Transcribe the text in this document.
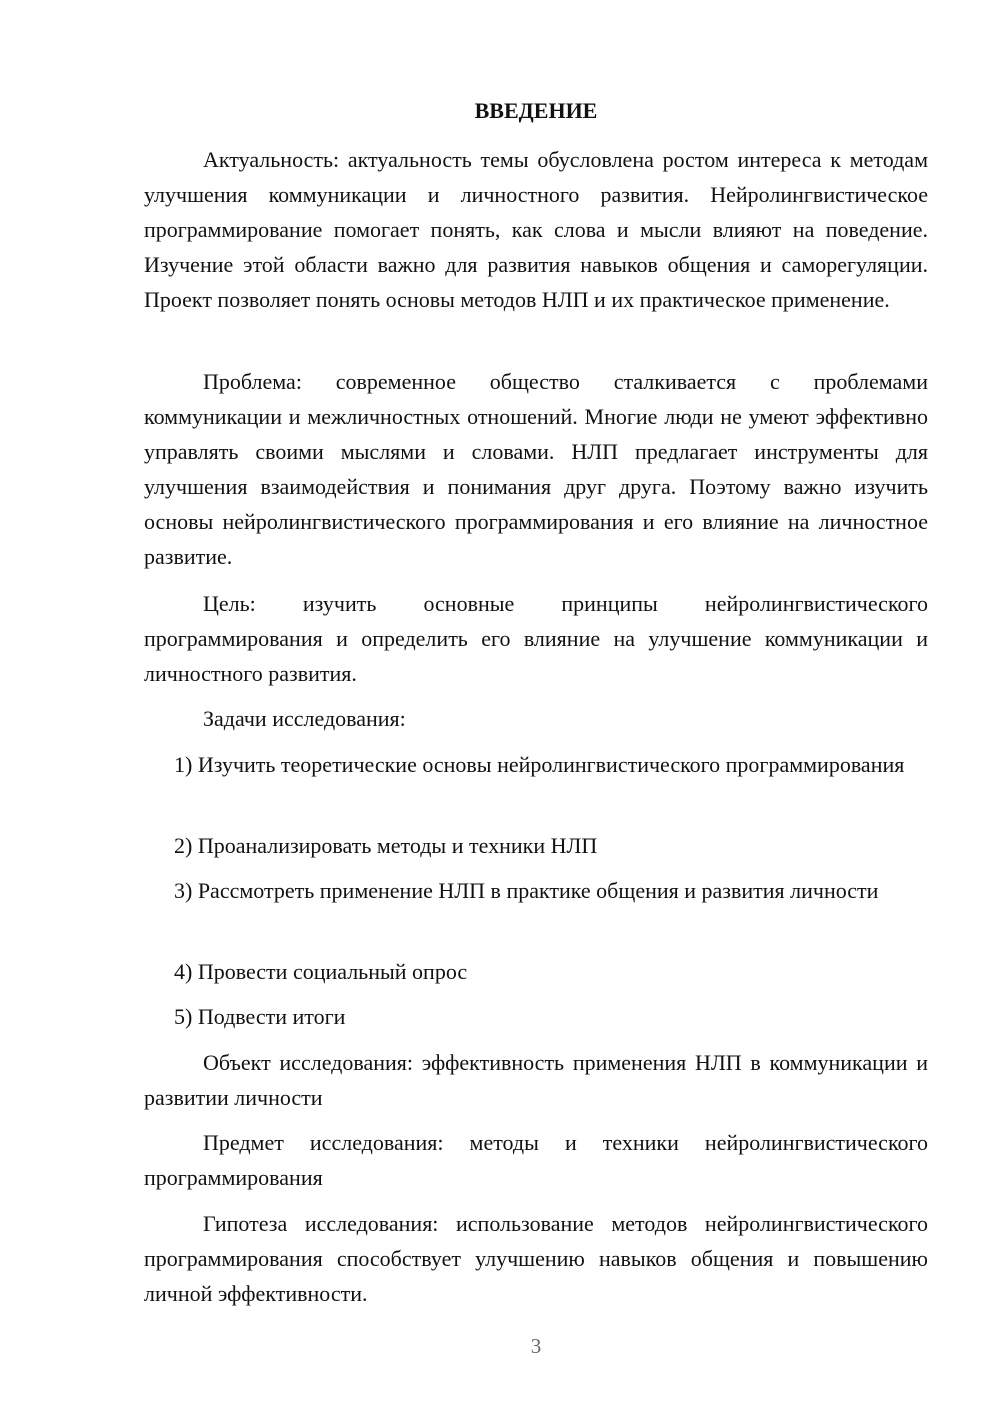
ВВЕДЕНИЕ

Актуальность: актуальность темы обусловлена ростом интереса к методам улучшения коммуникации и личностного развития. Нейролингвистическое программирование помогает понять, как слова и мысли влияют на поведение. Изучение этой области важно для развития навыков общения и саморегуляции. Проект позволяет понять основы методов НЛП и их практическое применение.

Проблема: современное общество сталкивается с проблемами коммуникации и межличностных отношений. Многие люди не умеют эффективно управлять своими мыслями и словами. НЛП предлагает инструменты для улучшения взаимодействия и понимания друг друга. Поэтому важно изучить основы нейролингвистического программирования и его влияние на личностное развитие.

Цель: изучить основные принципы нейролингвистического программирования и определить его влияние на улучшение коммуникации и личностного развития.

Задачи исследования:

1) Изучить теоретические основы нейролингвистического программирования

2) Проанализировать методы и техники НЛП

3) Рассмотреть применение НЛП в практике общения и развития личности

4) Провести социальный опрос

5) Подвести итоги

Объект исследования: эффективность применения НЛП в коммуникации и развитии личности

Предмет исследования: методы и техники нейролингвистического программирования

Гипотеза исследования: использование методов нейролингвистического программирования способствует улучшению навыков общения и повышению личной эффективности.

3
